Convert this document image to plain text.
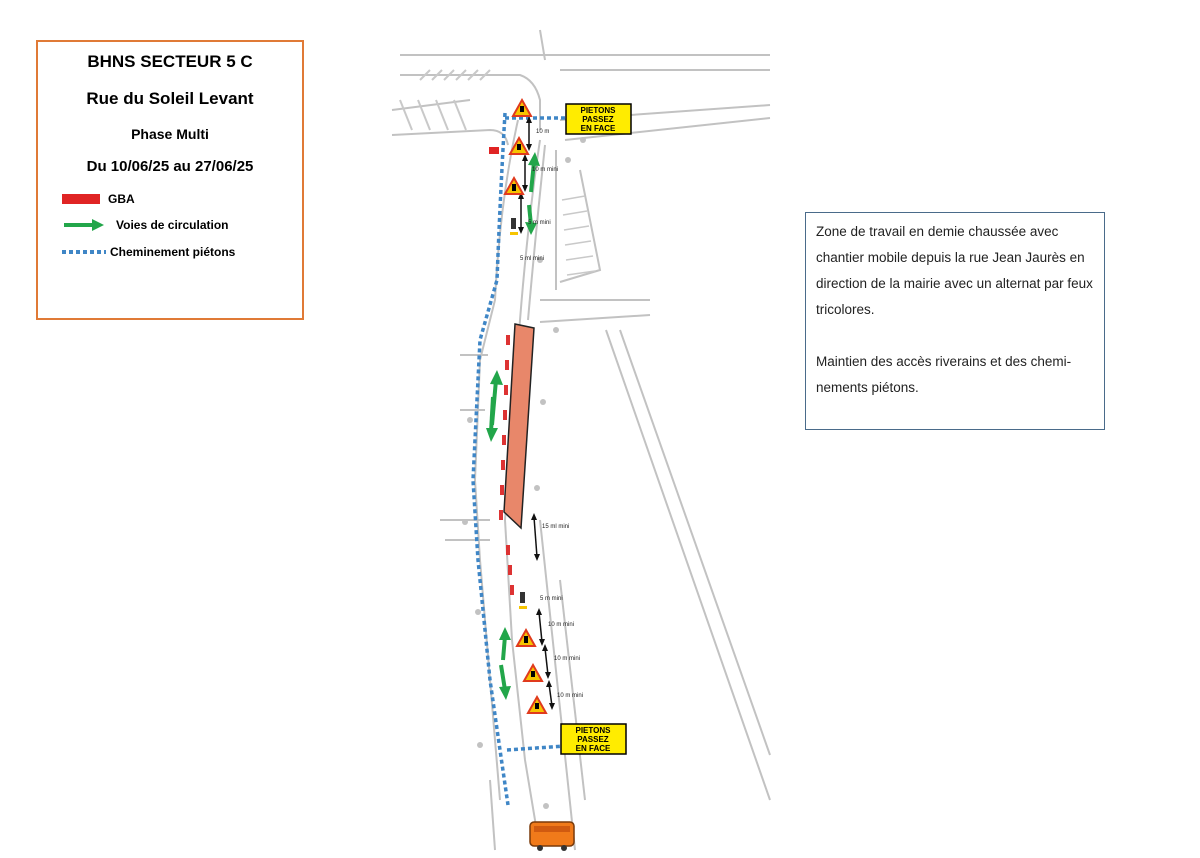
BHNS SECTEUR 5 C
Rue du Soleil Levant
Phase Multi
Du 10/06/25 au 27/06/25
GBA
Voies de circulation
Cheminement piétons

Zone de travail en demie chaussée avec chantier mobile depuis la rue Jean Jaurès en direction de la mairie avec un alternat par feux tricolores.

Maintien des accès riverains et des chemi-nements piétons.

10 m
10 m mini
5 m mini
5 ml mini
15 ml mini
5 m mini
10 m mini
10 m mini
10 m mini
PIETONS
PASSEZ
EN FACE
PIETONS
PASSEZ
EN FACE
